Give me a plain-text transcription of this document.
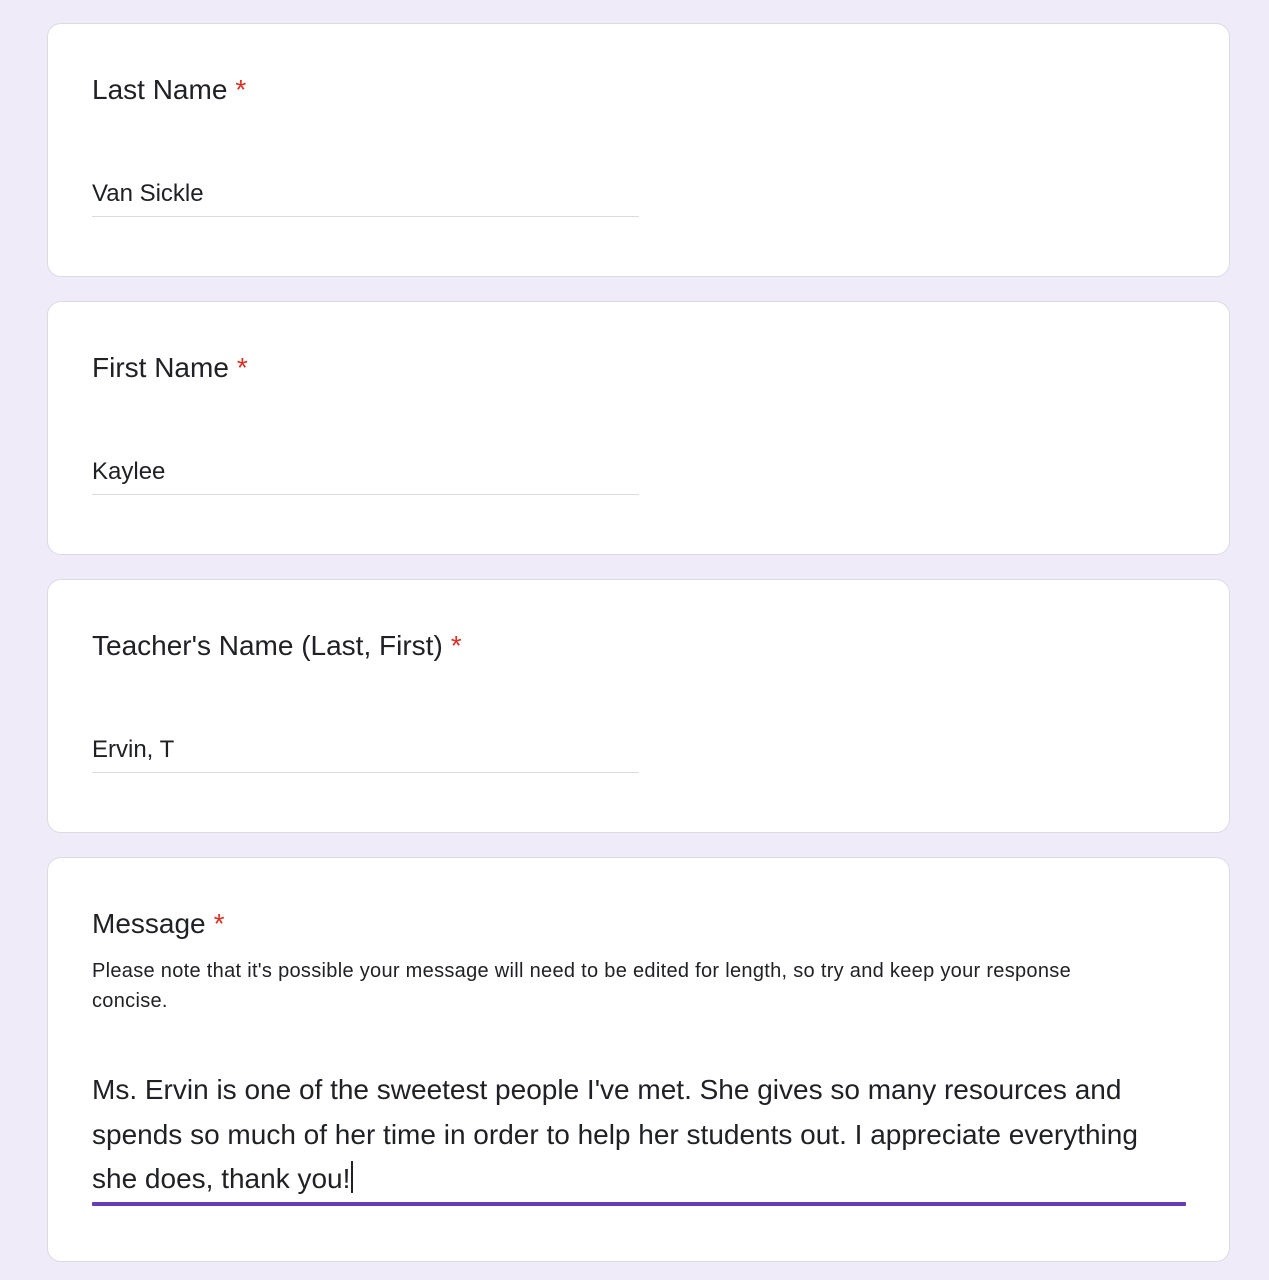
Last Name *
Van Sickle
First Name *
Kaylee
Teacher's Name (Last, First) *
Ervin, T
Message *
Please note that it's possible your message will need to be edited for length, so try and keep your response concise.
Ms. Ervin is one of the sweetest people I've met. She gives so many resources and spends so much of her time in order to help her students out. I appreciate everything she does, thank you!
